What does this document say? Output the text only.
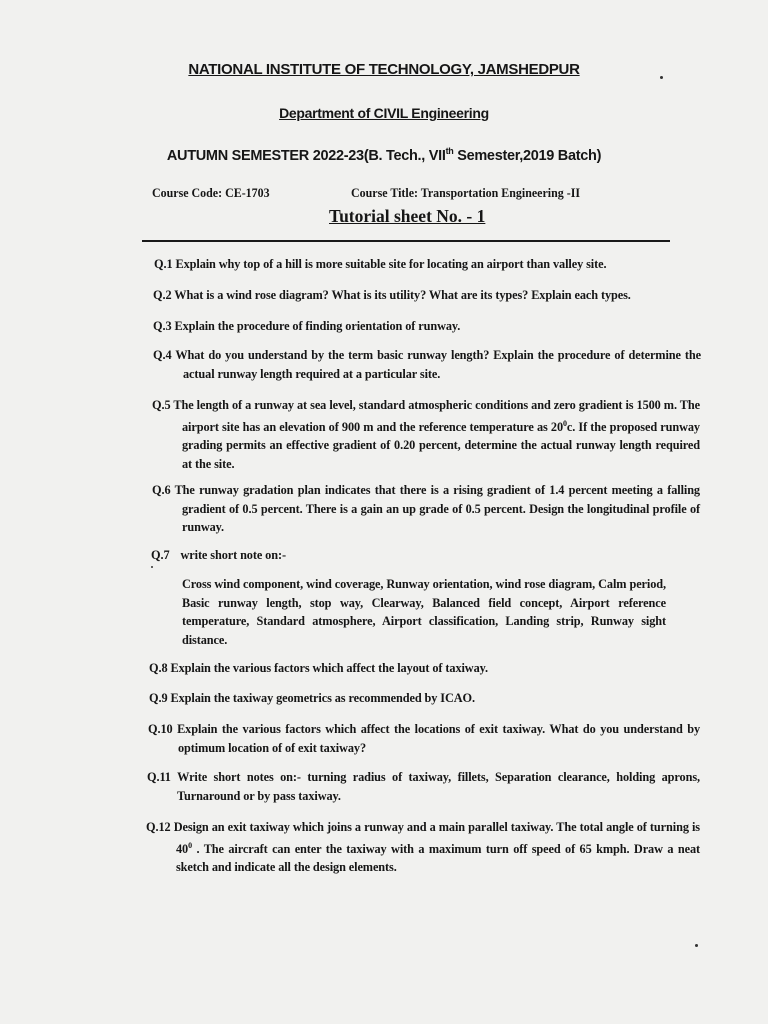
NATIONAL INSTITUTE OF TECHNOLOGY, JAMSHEDPUR
Department of CIVIL Engineering
AUTUMN SEMESTER 2022-23(B. Tech., VIIth Semester,2019 Batch)
Course Code: CE-1703	Course Title: Transportation Engineering -II
Tutorial sheet No. - 1
Q.1 Explain why top of a hill is more suitable site for locating an airport than valley site.
Q.2 What is a wind rose diagram? What is its utility? What are its types? Explain each types.
Q.3 Explain the procedure of finding orientation of runway.
Q.4 What do you understand by the term basic runway length? Explain the procedure of determine the actual runway length required at a particular site.
Q.5 The length of a runway at sea level, standard atmospheric conditions and zero gradient is 1500 m. The airport site has an elevation of 900 m and the reference temperature as $20^0c$. If the proposed runway grading permits an effective gradient of 0.20 percent, determine the actual runway length required at the site.
Q.6 The runway gradation plan indicates that there is a rising gradient of 1.4 percent meeting a falling gradient of 0.5 percent. There is a gain an up grade of 0.5 percent. Design the longitudinal profile of runway.
Q.7 write short note on:-
Cross wind component, wind coverage, Runway orientation, wind rose diagram, Calm period, Basic runway length, stop way, Clearway, Balanced field concept, Airport reference temperature, Standard atmosphere, Airport classification, Landing strip, Runway sight distance.
Q.8 Explain the various factors which affect the layout of taxiway.
Q.9 Explain the taxiway geometrics as recommended by ICAO.
Q.10 Explain the various factors which affect the locations of exit taxiway. What do you understand by optimum location of of exit taxiway?
Q.11 Write short notes on:- turning radius of taxiway, fillets, Separation clearance, holding aprons, Turnaround or by pass taxiway.
Q.12 Design an exit taxiway which joins a runway and a main parallel taxiway. The total angle of turning is $40^0$ . The aircraft can enter the taxiway with a maximum turn off speed of 65 kmph. Draw a neat sketch and indicate all the design elements.
